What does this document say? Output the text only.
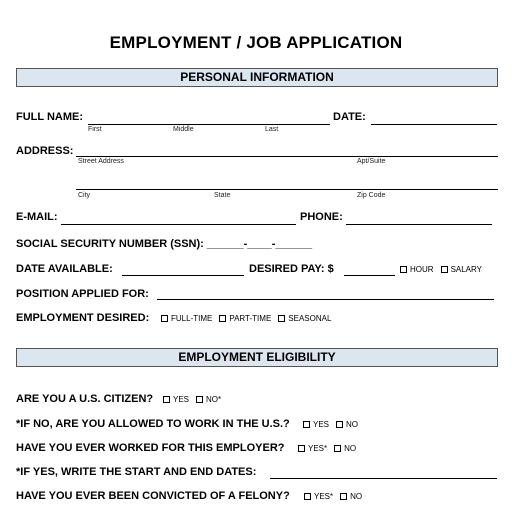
EMPLOYMENT / JOB APPLICATION
PERSONAL INFORMATION
FULL NAME:
First	Middle	Last
DATE:
ADDRESS:
Street Address	Apt/Suite
City	State	Zip Code
E-MAIL:	PHONE:
SOCIAL SECURITY NUMBER (SSN): ______-____-______
DATE AVAILABLE:	DESIRED PAY: $	HOUR SALARY
POSITION APPLIED FOR:
EMPLOYMENT DESIRED:	FULL-TIME PART-TIME SEASONAL
EMPLOYMENT ELIGIBILITY
ARE YOU A U.S. CITIZEN? YES NO*
*IF NO, ARE YOU ALLOWED TO WORK IN THE U.S.?	YES NO
HAVE YOU EVER WORKED FOR THIS EMPLOYER?	YES* NO
*IF YES, WRITE THE START AND END DATES:
HAVE YOU EVER BEEN CONVICTED OF A FELONY?	YES* NO
